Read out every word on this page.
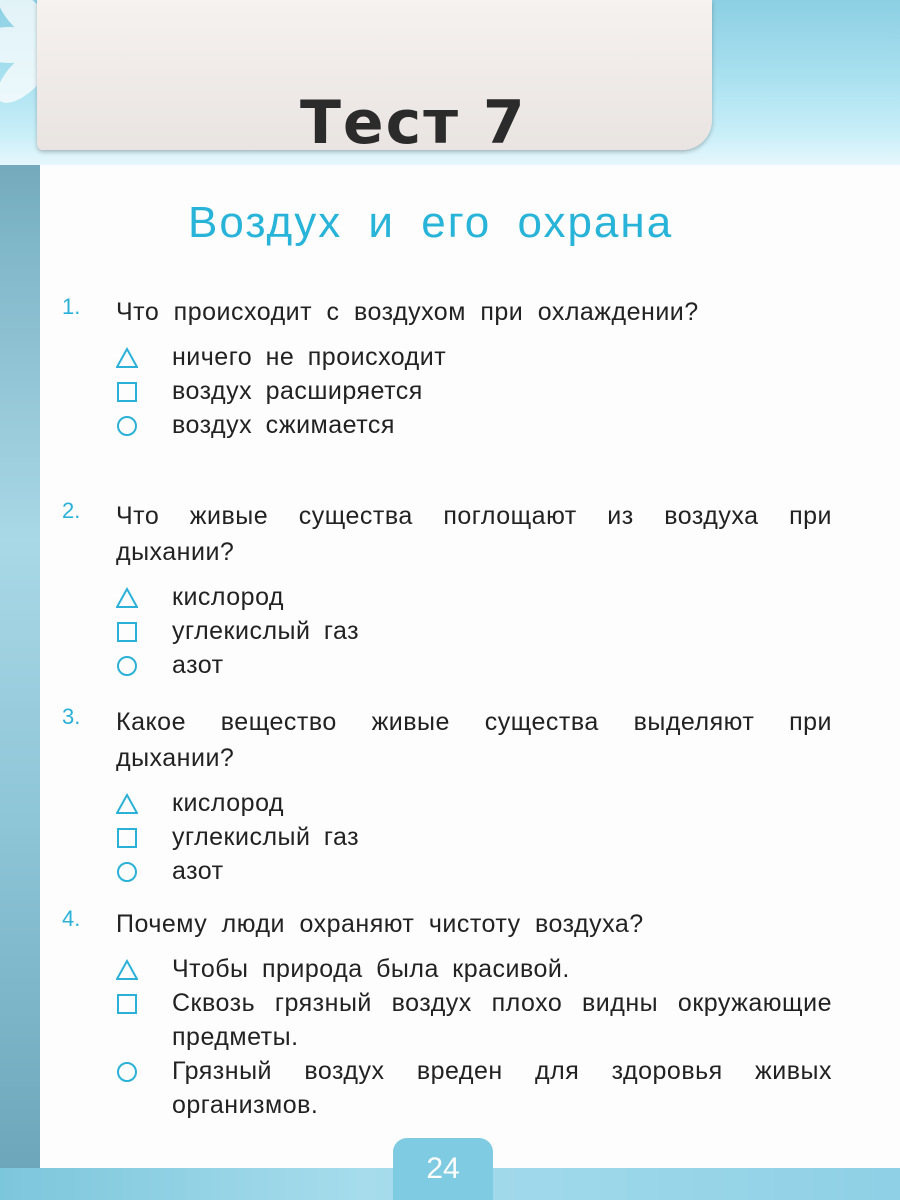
Тест 7
Воздух и его охрана
1. Что происходит с воздухом при охлаждении?
ничего не происходит
воздух расширяется
воздух сжимается
2. Что живые существа поглощают из воздуха при дыхании?
кислород
углекислый газ
азот
3. Какое вещество живые существа выделяют при дыхании?
кислород
углекислый газ
азот
4. Почему люди охраняют чистоту воздуха?
Чтобы природа была красивой.
Сквозь грязный воздух плохо видны окружающие предметы.
Грязный воздух вреден для здоровья живых организмов.
24
